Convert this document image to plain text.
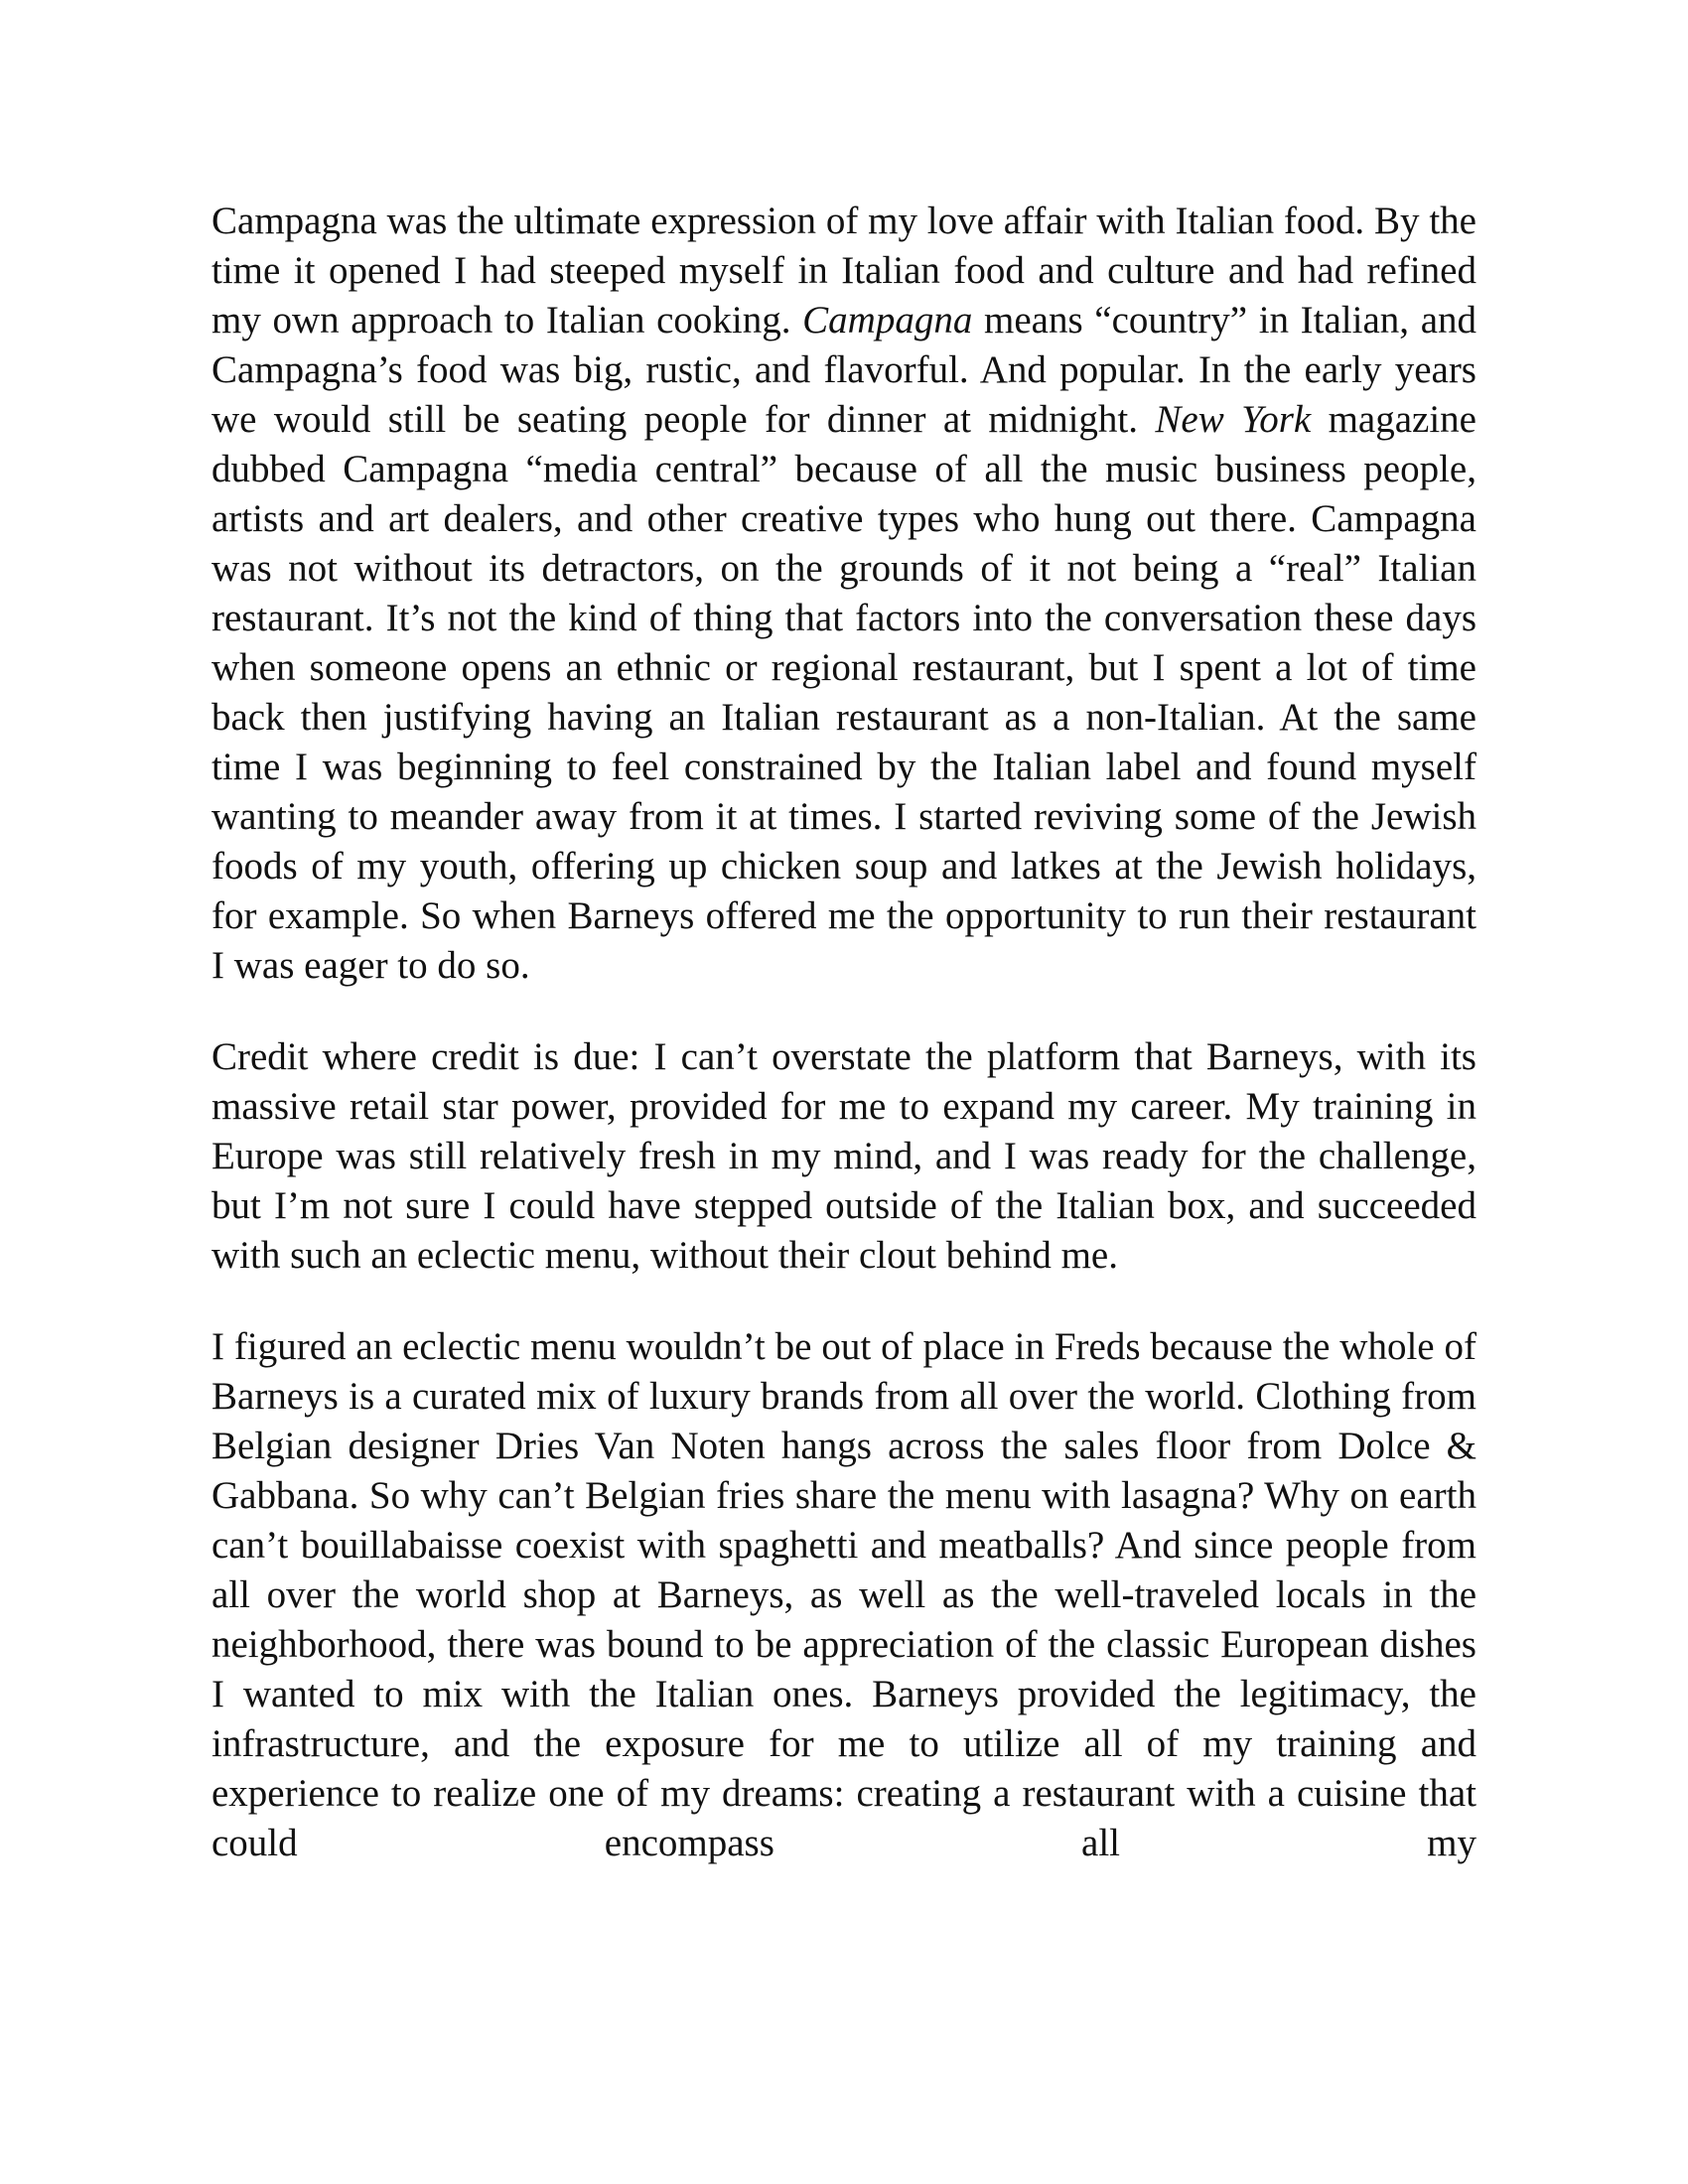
Campagna was the ultimate expression of my love affair with Italian food. By the time it opened I had steeped myself in Italian food and culture and had refined my own approach to Italian cooking. Campagna means “country” in Italian, and Campagna’s food was big, rustic, and flavorful. And popular. In the early years we would still be seating people for dinner at midnight. New York magazine dubbed Campagna “media central” because of all the music business people, artists and art dealers, and other creative types who hung out there. Campagna was not without its detractors, on the grounds of it not being a “real” Italian restaurant. It’s not the kind of thing that factors into the conversation these days when someone opens an ethnic or regional restaurant, but I spent a lot of time back then justifying having an Italian restaurant as a non-Italian. At the same time I was beginning to feel constrained by the Italian label and found myself wanting to meander away from it at times. I started reviving some of the Jewish foods of my youth, offering up chicken soup and latkes at the Jewish holidays, for example. So when Barneys offered me the opportunity to run their restaurant I was eager to do so.

Credit where credit is due: I can’t overstate the platform that Barneys, with its massive retail star power, provided for me to expand my career. My training in Europe was still relatively fresh in my mind, and I was ready for the challenge, but I’m not sure I could have stepped outside of the Italian box, and succeeded with such an eclectic menu, without their clout behind me.

I figured an eclectic menu wouldn’t be out of place in Freds because the whole of Barneys is a curated mix of luxury brands from all over the world. Clothing from Belgian designer Dries Van Noten hangs across the sales floor from Dolce & Gabbana. So why can’t Belgian fries share the menu with lasagna? Why on earth can’t bouillabaisse coexist with spaghetti and meatballs? And since people from all over the world shop at Barneys, as well as the well-traveled locals in the neighborhood, there was bound to be appreciation of the classic European dishes I wanted to mix with the Italian ones. Barneys provided the legitimacy, the infrastructure, and the exposure for me to utilize all of my training and experience to realize one of my dreams: creating a restaurant with a cuisine that could encompass all my
